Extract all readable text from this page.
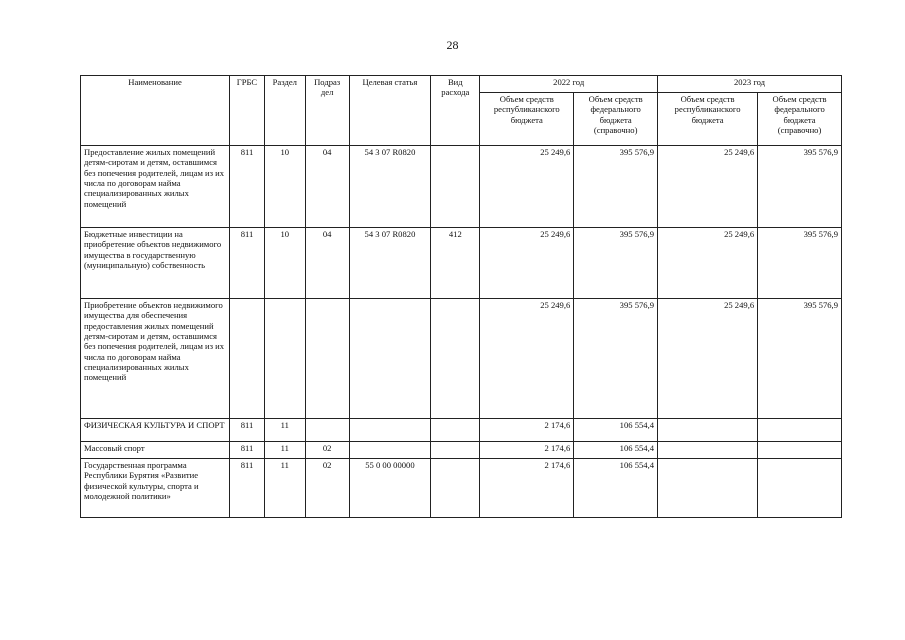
28
Наименование	ГРБС	Раздел	Подраз дел	Целевая статья	Вид расхода	2022 год		2023 год	
						Объем средств республиканского бюджета	Объем средств федерального бюджета (справочно)	Объем средств республиканского бюджета	Объем средств федерального бюджета (справочно)
Предоставление жилых помещений детям-сиротам и детям, оставшимся без попечения родителей, лицам из их числа по договорам найма специализированных жилых помещений	811	10	04	54 3 07 R0820		25 249,6	395 576,9	25 249,6	395 576,9
Бюджетные инвестиции на приобретение объектов недвижимого имущества в государственную (муниципальную) собственность	811	10	04	54 3 07 R0820	412	25 249,6	395 576,9	25 249,6	395 576,9
Приобретение объектов недвижимого имущества для обеспечения предоставления жилых помещений детям-сиротам и детям, оставшимся без попечения родителей, лицам из их числа по договорам найма специализированных жилых помещений						25 249,6	395 576,9	25 249,6	395 576,9
ФИЗИЧЕСКАЯ КУЛЬТУРА И СПОРТ	811	11				2 174,6	106 554,4		
Массовый спорт	811	11	02			2 174,6	106 554,4		
Государственная программа Республики Бурятия «Развитие физической культуры, спорта и молодежной политики»	811	11	02	55 0 00 00000		2 174,6	106 554,4		
